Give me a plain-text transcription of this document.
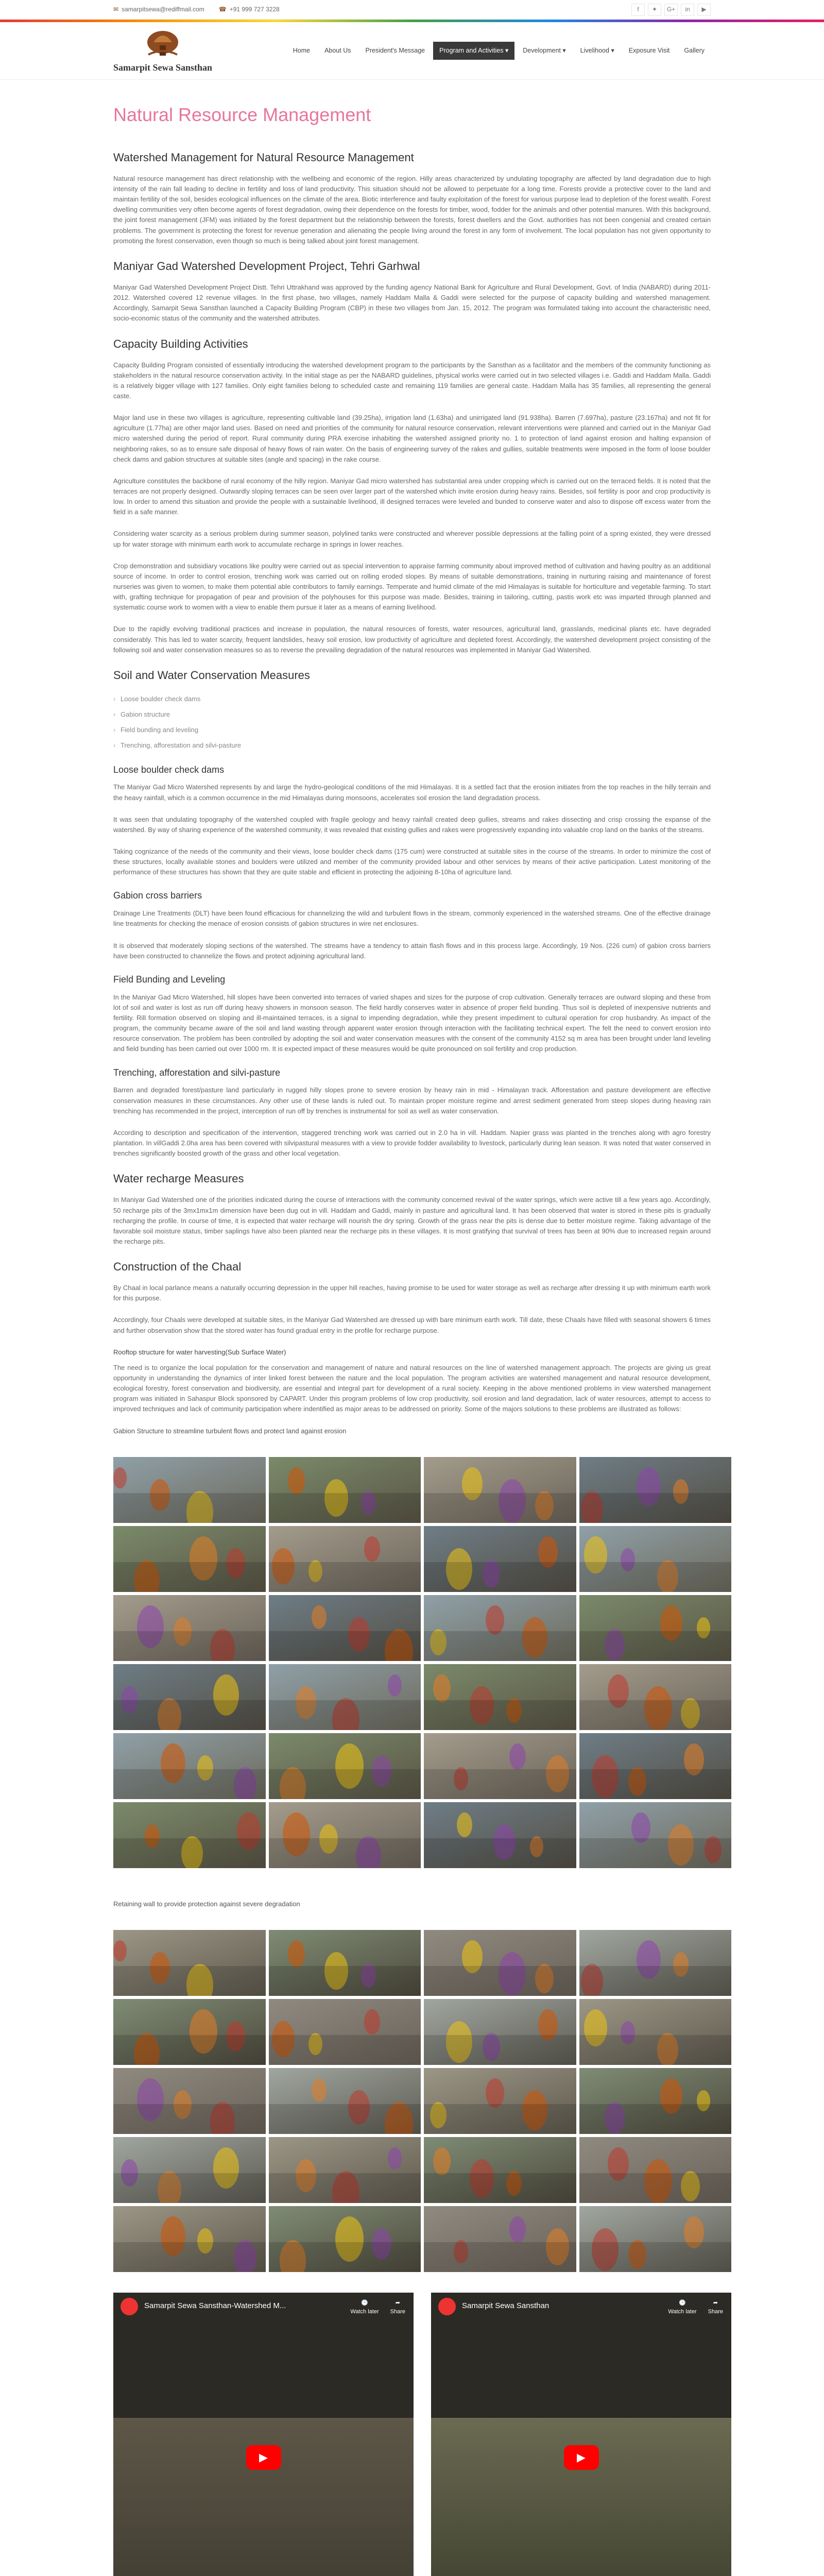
✉ samarpitsewa@rediffmail.com ☎ +91 999 727 3228	f	✦	G+	in	▶
Samarpit Sewa Sansthan
Home	About Us	President's Message	Program and Activities ▾	Development ▾	Livelihood ▾	Exposure Visit	Gallery
Natural Resource Management
Watershed Management for Natural Resource Management

Natural resource management has direct relationship with the wellbeing and economic of the region. Hilly areas characterized by undulating topography are affected by land degradation due to high intensity of the rain fall leading to decline in fertility and loss of land productivity. This situation should not be allowed to perpetuate for a long time. Forests provide a protective cover to the land and maintain fertility of the soil, besides ecological influences on the climate of the area. Biotic interference and faulty exploitation of the forest for various purpose lead to depletion of the forest wealth. Forest dwelling communities very often become agents of forest degradation, owing their dependence on the forests for timber, wood, fodder for the animals and other potential manures. With this background, the joint forest management (JFM) was initiated by the forest department but the relationship between the forests, forest dwellers and the Govt. authorities has not been congenial and created certain problems. The government is protecting the forest for revenue generation and alienating the people living around the forest in any form of involvement. The local population has not given opportunity to promoting the forest conservation, even though so much is being talked about joint forest management.

Maniyar Gad Watershed Development Project, Tehri Garhwal

Maniyar Gad Watershed Development Project Distt. Tehri Uttrakhand was approved by the funding agency National Bank for Agriculture and Rural Development, Govt. of India (NABARD) during 2011-2012. Watershed covered 12 revenue villages. In the first phase, two villages, namely Haddam Malla & Gaddi were selected for the purpose of capacity building and watershed management. Accordingly, Samarpit Sewa Sansthan launched a Capacity Building Program (CBP) in these two villages from Jan. 15, 2012. The program was formulated taking into account the characteristic need, socio-economic status of the community and the watershed attributes.

Capacity Building Activities

Capacity Building Program consisted of essentially introducing the watershed development program to the participants by the Sansthan as a facilitator and the members of the community functioning as stakeholders in the natural resource conservation activity. In the initial stage as per the NABARD guidelines, physical works were carried out in two selected villages i.e. Gaddi and Haddam Malla. Gaddi is a relatively bigger village with 127 families. Only eight families belong to scheduled caste and remaining 119 families are general caste. Haddam Malla has 35 families, all representing the general caste.

Major land use in these two villages is agriculture, representing cultivable land (39.25ha), irrigation land (1.63ha) and unirrigated land (91.938ha). Barren (7.697ha), pasture (23.167ha) and not fit for agriculture (1.77ha) are other major land uses. Based on need and priorities of the community for natural resource conservation, relevant interventions were planned and carried out in the Maniyar Gad micro watershed during the period of report. Rural community during PRA exercise inhabiting the watershed assigned priority no. 1 to protection of land against erosion and halting expansion of neighboring rakes, so as to ensure safe disposal of heavy flows of rain water. On the basis of engineering survey of the rakes and gullies, suitable treatments were imposed in the form of loose boulder check dams and gabion structures at suitable sites (angle and spacing) in the rake course.

Agriculture constitutes the backbone of rural economy of the hilly region. Maniyar Gad micro watershed has substantial area under cropping which is carried out on the terraced fields. It is noted that the terraces are not properly designed. Outwardly sloping terraces can be seen over larger part of the watershed which invite erosion during heavy rains. Besides, soil fertility is poor and crop productivity is low. In order to amend this situation and provide the people with a sustainable livelihood, ill designed terraces were leveled and bunded to conserve water and also to dispose off excess water from the field in a safe manner.

Considering water scarcity as a serious problem during summer season, polylined tanks were constructed and wherever possible depressions at the falling point of a spring existed, they were dressed up for water storage with minimum earth work to accumulate recharge in springs in lower reaches.

Crop demonstration and subsidiary vocations like poultry were carried out as special intervention to appraise farming community about improved method of cultivation and having poultry as an additional source of income. In order to control erosion, trenching work was carried out on rolling eroded slopes. By means of suitable demonstrations, training in nurturing raising and maintenance of forest nurseries was given to women, to make them potential able contributors to family earnings. Temperate and humid climate of the mid Himalayas is suitable for horticulture and vegetable farming. To start with, grafting technique for propagation of pear and provision of the polyhouses for this purpose was made. Besides, training in tailoring, cutting, pastis work etc was imparted through planned and systematic course work to women with a view to enable them pursue it later as a means of earning livelihood.

Due to the rapidly evolving traditional practices and increase in population, the natural resources of forests, water resources, agricultural land, grasslands, medicinal plants etc. have degraded considerably. This has led to water scarcity, frequent landslides, heavy soil erosion, low productivity of agriculture and depleted forest. Accordingly, the watershed development project consisting of the following soil and water conservation measures so as to reverse the prevailing degradation of the natural resources was implemented in Maniyar Gad Watershed.

Soil and Water Conservation Measures
› Loose boulder check dams
› Gabion structure
› Field bunding and leveling
› Trenching, afforestation and silvi-pasture
Loose boulder check dams

The Maniyar Gad Micro Watershed represents by and large the hydro-geological conditions of the mid Himalayas. It is a settled fact that the erosion initiates from the top reaches in the hilly terrain and the heavy rainfall, which is a common occurrence in the mid Himalayas during monsoons, accelerates soil erosion the land degradation process.

It was seen that undulating topography of the watershed coupled with fragile geology and heavy rainfall created deep gullies, streams and rakes dissecting and crisp crossing the expanse of the watershed. By way of sharing experience of the watershed community, it was revealed that existing gullies and rakes were progressively expanding into valuable crop land on the banks of the streams.

Taking cognizance of the needs of the community and their views, loose boulder check dams (175 cum) were constructed at suitable sites in the course of the streams. In order to minimize the cost of these structures, locally available stones and boulders were utilized and member of the community provided labour and other services by means of their active participation. Latest monitoring of the performance of these structures has shown that they are quite stable and efficient in protecting the adjoining 8-10ha of agriculture land.

Gabion cross barriers

Drainage Line Treatments (DLT) have been found efficacious for channelizing the wild and turbulent flows in the stream, commonly experienced in the watershed streams. One of the effective drainage line treatments for checking the menace of erosion consists of gabion structures in wire net enclosures.

It is observed that moderately sloping sections of the watershed. The streams have a tendency to attain flash flows and in this process large. Accordingly, 19 Nos. (226 cum) of gabion cross barriers have been constructed to channelize the flows and protect adjoining agricultural land.

Field Bunding and Leveling

In the Maniyar Gad Micro Watershed, hill slopes have been converted into terraces of varied shapes and sizes for the purpose of crop cultivation. Generally terraces are outward sloping and these from lot of soil and water is lost as run off during heavy showers in monsoon season. The field hardly conserves water in absence of proper field bunding. Thus soil is depleted of inexpensive nutrients and fertility. Rill formation observed on sloping and ill-maintained terraces, is a signal to impending degradation, while they present impediment to cultural operation for crop husbandry. As impact of the program, the community became aware of the soil and land wasting through apparent water erosion through interaction with the facilitating technical expert. The felt the need to convert erosion into resource conservation. The problem has been controlled by adopting the soil and water conservation measures with the consent of the community 4152 sq m area has been brought under land leveling and field bunding has been carried out over 1000 rm. It is expected impact of these measures would be quite pronounced on soil fertility and crop production.

Trenching, afforestation and silvi-pasture

Barren and degraded forest/pasture land particularly in rugged hilly slopes prone to severe erosion by heavy rain in mid - Himalayan track. Afforestation and pasture development are effective conservation measures in these circumstances. Any other use of these lands is ruled out. To maintain proper moisture regime and arrest sediment generated from steep slopes during heaving rain trenching has recommended in the project, interception of run off by trenches is instrumental for soil as well as water conservation.

According to description and specification of the intervention, staggered trenching work was carried out in 2.0 ha in vill. Haddam. Napier grass was planted in the trenches along with agro forestry plantation. In villGaddi 2.0ha area has been covered with silvipastural measures with a view to provide fodder availability to livestock, particularly during lean season. It was noted that water conserved in trenches significantly boosted growth of the grass and other local vegetation.

Water recharge Measures

In Maniyar Gad Watershed one of the priorities indicated during the course of interactions with the community concerned revival of the water springs, which were active till a few years ago. Accordingly, 50 recharge pits of the 3mx1mx1m dimension have been dug out in vill. Haddam and Gaddi, mainly in pasture and agricultural land. It has been observed that water is stored in these pits is gradually recharging the profile. In course of time, it is expected that water recharge will nourish the dry spring. Growth of the grass near the pits is dense due to better moisture regime. Taking advantage of the favorable soil moisture status, timber saplings have also been planted near the recharge pits in these villages. It is most gratifying that survival of trees has been at 90% due to increased regain around the recharge pits.

Construction of the Chaal

By Chaal in local parlance means a naturally occurring depression in the upper hill reaches, having promise to be used for water storage as well as recharge after dressing it up with minimum earth work for this purpose.

Accordingly, four Chaals were developed at suitable sites, in the Maniyar Gad Watershed are dressed up with bare minimum earth work. Till date, these Chaals have filled with seasonal showers 6 times and further observation show that the stored water has found gradual entry in the profile for recharge purpose.

Rooftop structure for water harvesting(Sub Surface Water)

The need is to organize the local population for the conservation and management of nature and natural resources on the line of watershed management approach. The projects are giving us great opportunity in understanding the dynamics of inter linked forest between the nature and the local population. The program activities are watershed management and natural resource development, ecological forestry, forest conservation and biodiversity, are essential and integral part for development of a rural society. Keeping in the above mentioned problems in view watershed management program was initiated in Sahaspur Block sponsored by CAPART. Under this program problems of low crop productivity, soil erosion and land degradation, lack of water resources, attempt to access to improved techniques and lack of community participation where indentified as major areas to be addressed on priority. Some of the majors solutions to these problems are illustrated as follows:

Gabion Structure to streamline turbulent flows and protect land against erosion
Retaining wall to provide protection against severe degradation
Samarpit Sewa Sansthan-Watershed M...	🕒
Watch later
➦
Share
▶
Samarpit Sewa Sansthan	🕒
Watch later
➦
Share
▶
